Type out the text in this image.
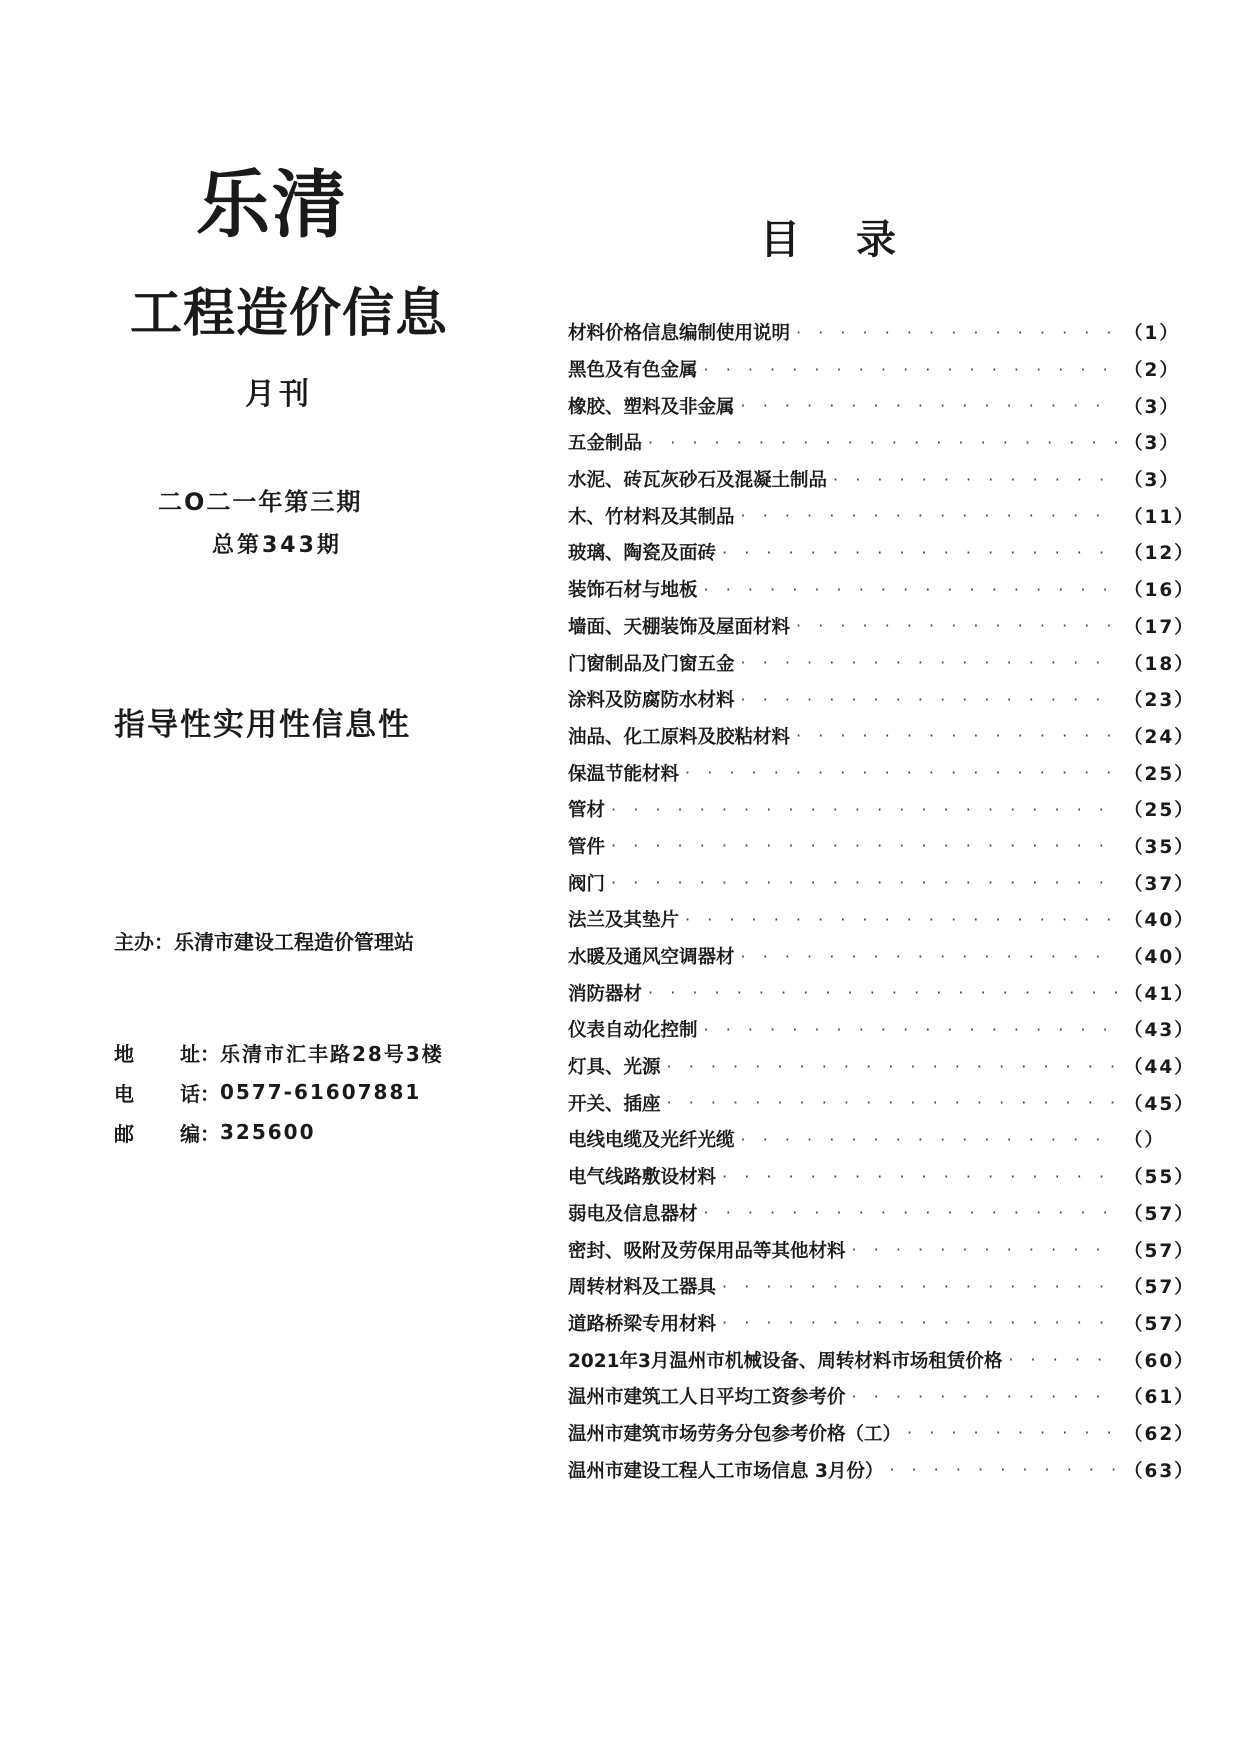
乐清
工程造价信息
月刊
二O二一年第三期
总第343期
指导性实用性信息性
主办：乐清市建设工程造价管理站
地	址： 乐清市汇丰路28号3楼
电	话： 0577-61607881
邮	编： 325600
目录
材料价格信息编制使用说明 · · ·	（1）
黑色及有色金属 · · ·	（2）
橡胶、塑料及非金属 · · ·	（3）
五金制品 · · ·	（3）
水泥、砖瓦灰砂石及混凝土制品 · · ·	（3）
木、竹材料及其制品 · · ·	（11）
玻璃、陶瓷及面砖 · · ·	（12）
装饰石材与地板 · · ·	（16）
墙面、天棚装饰及屋面材料 · · ·	（17）
门窗制品及门窗五金 · · ·	（18）
涂料及防腐防水材料 · · ·	（23）
油品、化工原料及胶粘材料 · · ·	（24）
保温节能材料 · · ·	（25）
管材 · · ·	（25）
管件 · · ·	（35）
阀门 · · ·	（37）
法兰及其垫片 · · ·	（40）
水暖及通风空调器材 · · ·	（40）
消防器材 · · ·	（41）
仪表自动化控制 · · ·	（43）
灯具、光源 · · ·	（44）
开关、插座 · · ·	（45）
电线电缆及光纤光缆 · · ·	（）
电气线路敷设材料 · · ·	（55）
弱电及信息器材 · · ·	（57）
密封、吸附及劳保用品等其他材料 · · ·	（57）
周转材料及工器具 · · ·	（57）
道路桥梁专用材料 · · ·	（57）
2021年3月温州市机械设备、周转材料市场租赁价格 · · ·	（60）
温州市建筑工人日平均工资参考价 · · ·	（61）
温州市建筑市场劳务分包参考价格（工） · · ·	（62）
温州市建设工程人工市场信息 3月份） · · ·	（63）
